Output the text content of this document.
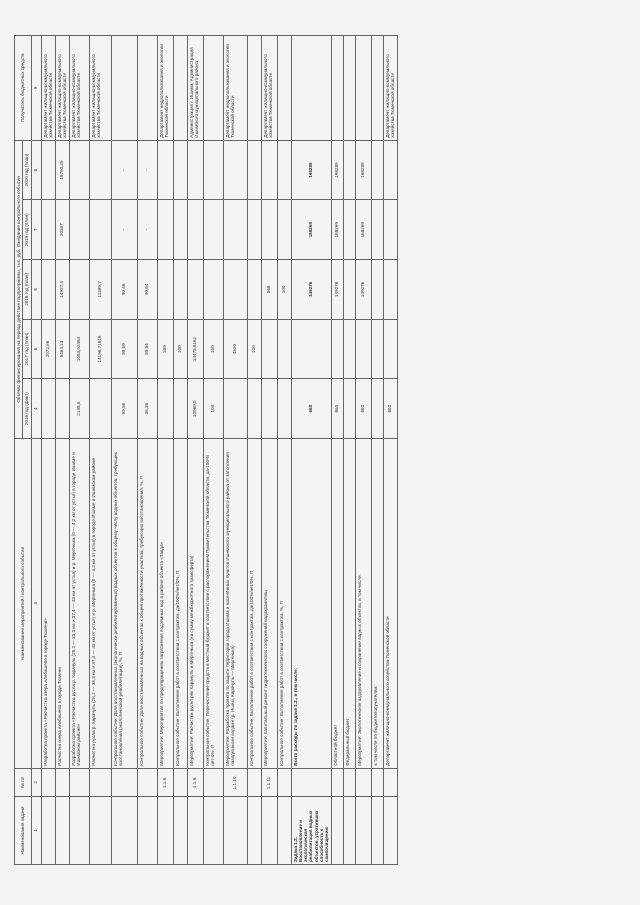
Наименование задачи	№ пп	Наименование мероприятий / контрольного события	Объемы финансирования на период действия подпрограммы, тыс. руб. Ожидание контрольного события					Получатель бюджетных средств
			2016 год (факт)	2017 год (план)	2018 год (план)	2019 год (план)	2020 год (план)	
1	2	3	4	5	6	7	8	9
		Разработка проекта «Расчистка озера Алебашево в городе Тюмени»		2072,56				Департамент жилищно-коммунального хозяйства Тюменской области
		Расчистка озера Алебашево в городе Тюмени		9464,13	14927,3	20337	19790,25	Департамент жилищно-коммунального хозяйства Тюменской области
		Разработка проекта «Расчистка русла р. Карачуль (28,2 — 33,3 км и 37,4 — 43 км от устья) и р. Мергенька (0 — 4,2 км от устья) в городе Ишиме и Ишимском районе»	2148,5	1053,52464				Департамент жилищно-коммунального хозяйства Тюменской области
		Расчистка русла р. Карачуль (28,2 — 33,3 км и 37,4 — 43 км от устья) и р. Мергенька (0 — 4,2 км от устья) в городе Ишиме и Ишимском районе		14198,71816	11399,7			Департамент жилищно-коммунального хозяйства Тюменской области
		Контрольное событие: Доля восстановленных (экологически реабилитированных) водных объектов к общему числу водных объектов, требующих восстановления (экологической реабилитации), %, П	99,56	99,59	99,46	-	-	
		Контрольное событие: Доля восстановленных на водных объектах к общей протяжённости участков, требующих восстановления, %, П	36,36	99,84	99,64	-	-	
	1.1.8.	Мероприятие: Мероприятия по предотвращению загрязнения подземных вод в районе объекта «Тавда»		339				Департамент недропользования и экологии Тюменской области
		Контрольное событие: Выполнение работ в соответствии с контрактом, да/100%/нет/0%, П		100				
	1.1.9.	Мероприятие: Расчистка русел рек Карачуль и Мергенька (на сумму межбюджетного трансферта)	10569,5	14478,6162				Администрация г. Ишима, Администрация Ишимского муниципального района
		Контрольное событие: Перечисление средств в местный бюджет в соответствии с распоряжением Правительства Тюменской области, да-100%/нет-0%, П	100	100				
	1.1.10.	Мероприятие: Разработка проекта по защите территории города Ишима и населённых пунктов Ишимского муниципального района от затопления паводковыми водами (р. Ишим, Карачуль — Мергенька)		4520				Департамент недропользования и экологии Тюменской области
		Контрольное событие: Выполнение работ в соответствии с контрактом, да/100%/нет/0%, П		100				
	1.1.11.	Мероприятие: Капитальный ремонт гидротехнических сооружений водохранилищ			566			Департамент жилищно-коммунального хозяйства Тюменской области
		Контрольное событие: Выполнение работ в соответствии с контрактом, %, П			100			
Задача 1.2. Восстановление и экологическая реабилитация водных объектов, утративших способность к самоочищению		Всего расходы по задаче 1.2., в том числе:	660		149276	188269	168289	
		Областной бюджет	660		149276	168269	168289	
		Федеральный бюджет						
		Мероприятие: Экологическое оздоровление и сохранение водных объектов, в том числе:	660		149276	168269	168289	
		в том числе по бюджетополучателям:						
		Департамент жилищно-коммунального хозяйства Тюменской области	660					Департамент жилищно-коммунального хозяйства Тюменской области
